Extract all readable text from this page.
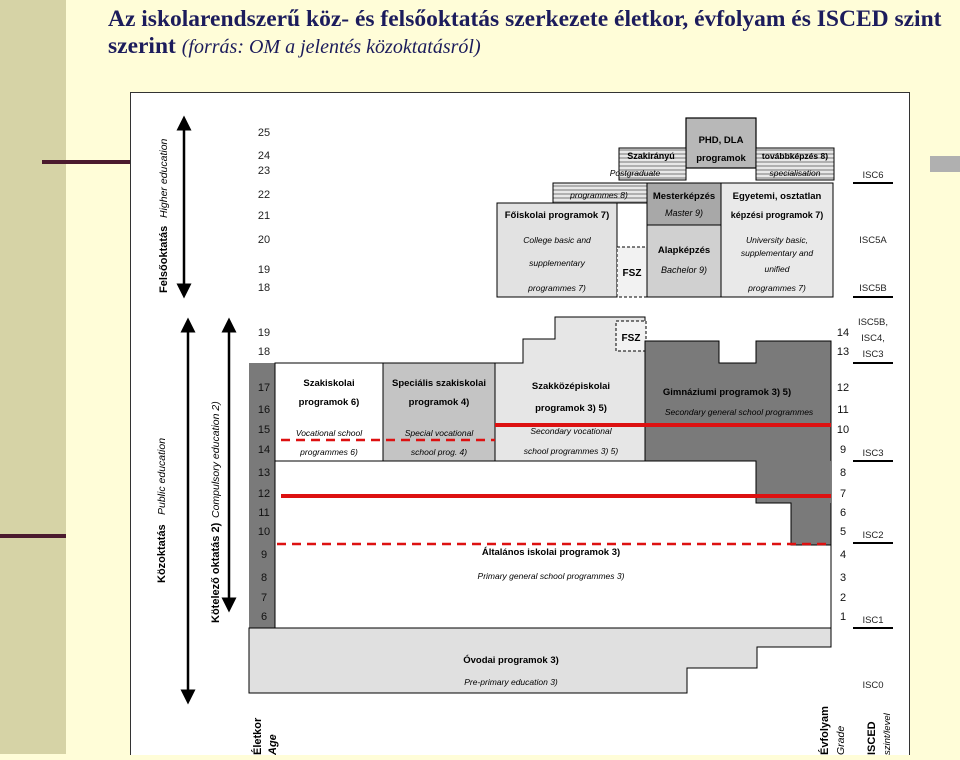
Az iskolarendszerű köz- és felsőoktatás szerkezete életkor, évfolyam és ISCED szint szerint (forrás: OM a jelentés közoktatásról)
Felsőoktatás
Higher education
Közoktatás
Public education
Kötelező oktatás 2)
Compulsory education 2)
Életkor Age	Évfolyam Grade ISCED szint/level
25
24
23
22
21
20
19
18
19
18
PHD, DLA
programok
Szakirányú
Postgraduate
továbbképzés 8)
specialisation
programmes 8)	Mesterképzés
Master 9)
Egyetemi, osztatlan
képzési programok 7)
University basic,
supplementary and
unified
programmes 7)
Főiskolai programok 7)
College basic and
supplementary
programmes 7)
FSZ
Alapképzés
Bachelor 9)
ISC6
ISC5A
ISC5B
ISC5B,
ISC4,
ISC3
ISC3
ISC2
ISC1
ISC0
17
16
15
14
13
12
11
10
9
8
7
6
Szakiskolai
programok 6)
Vocational school
programmes 6)
Speciális szakiskolai
programok 4)
Special vocational
school prog. 4)
FSZ
Szakközépiskolai
programok 3) 5)
Secondary vocational
school programmes 3) 5)
Gimnáziumi programok 3) 5)
Secondary general school programmes
Általános iskolai programok 3)
Primary general school programmes 3)
Óvodai programok 3)
Pre-primary education 3)
14
13
12
11
10
9
8
7
6
5
4
3
2
1
